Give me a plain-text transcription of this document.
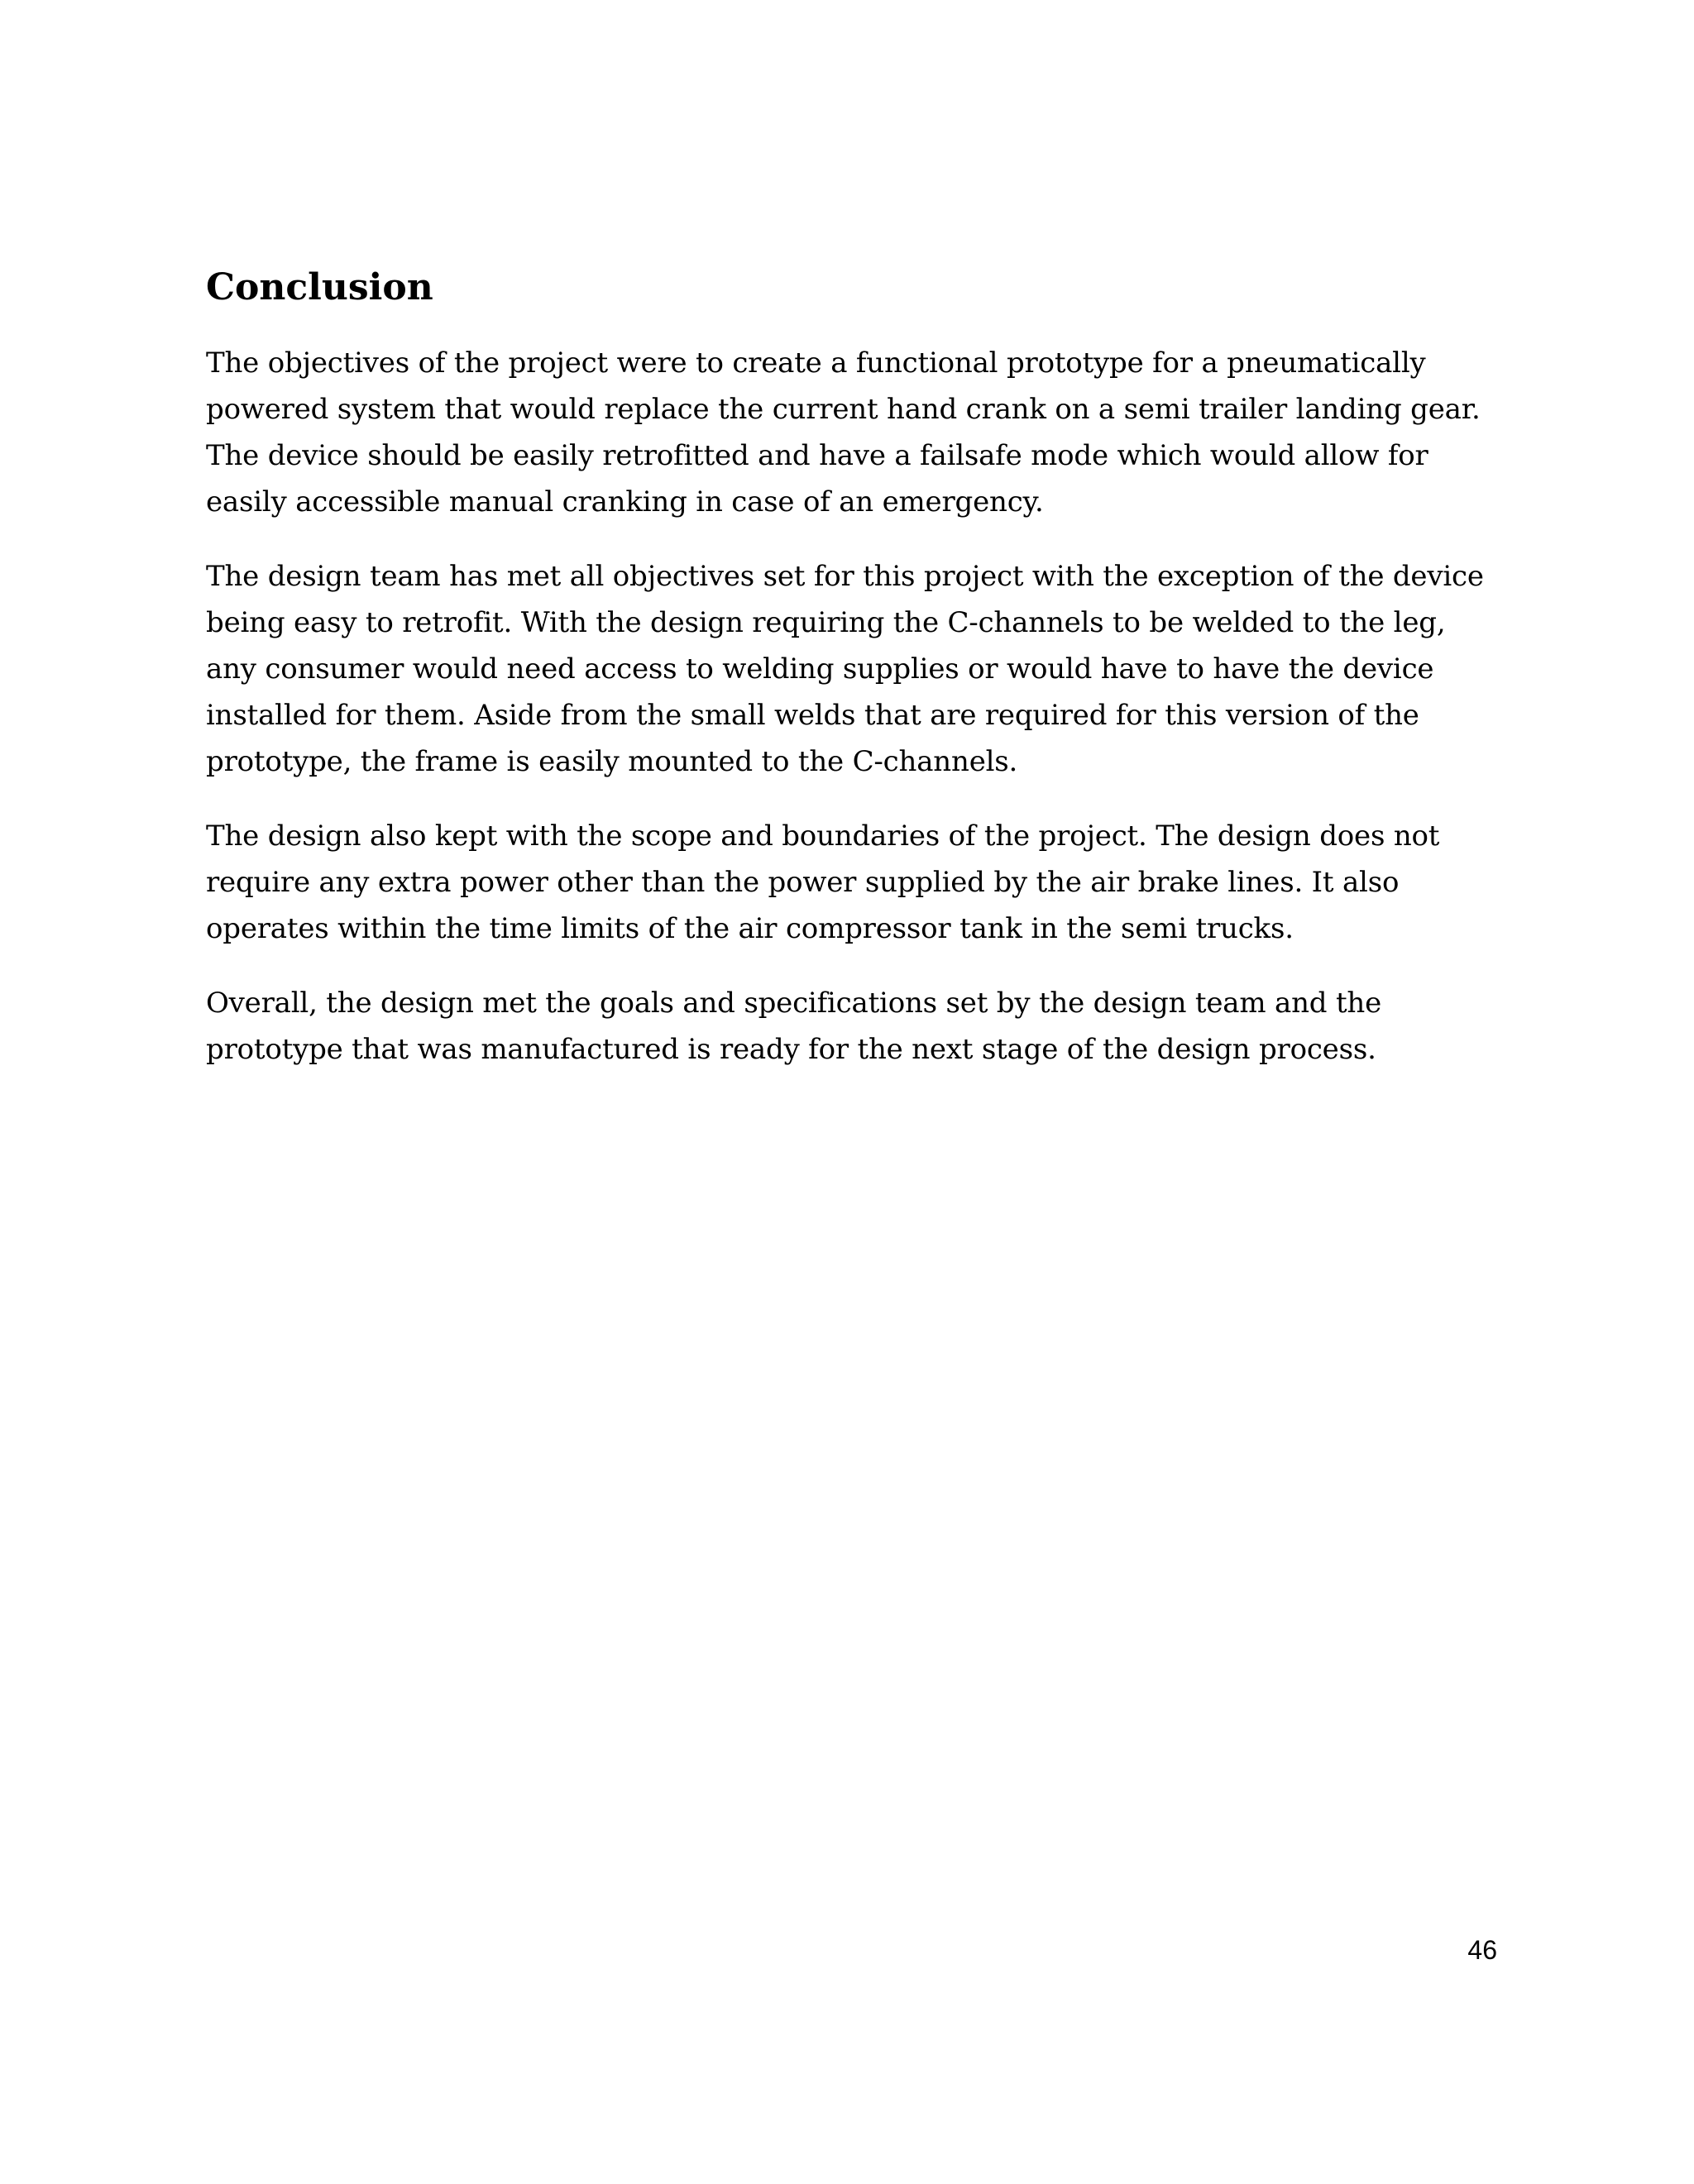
Conclusion

The objectives of the project were to create a functional prototype for a pneumatically powered system that would replace the current hand crank on a semi trailer landing gear. The device should be easily retrofitted and have a failsafe mode which would allow for easily accessible manual cranking in case of an emergency.

The design team has met all objectives set for this project with the exception of the device being easy to retrofit. With the design requiring the C-channels to be welded to the leg, any consumer would need access to welding supplies or would have to have the device installed for them. Aside from the small welds that are required for this version of the prototype, the frame is easily mounted to the C-channels.

The design also kept with the scope and boundaries of the project. The design does not require any extra power other than the power supplied by the air brake lines. It also operates within the time limits of the air compressor tank in the semi trucks.

Overall, the design met the goals and specifications set by the design team and the prototype that was manufactured is ready for the next stage of the design process.

46
